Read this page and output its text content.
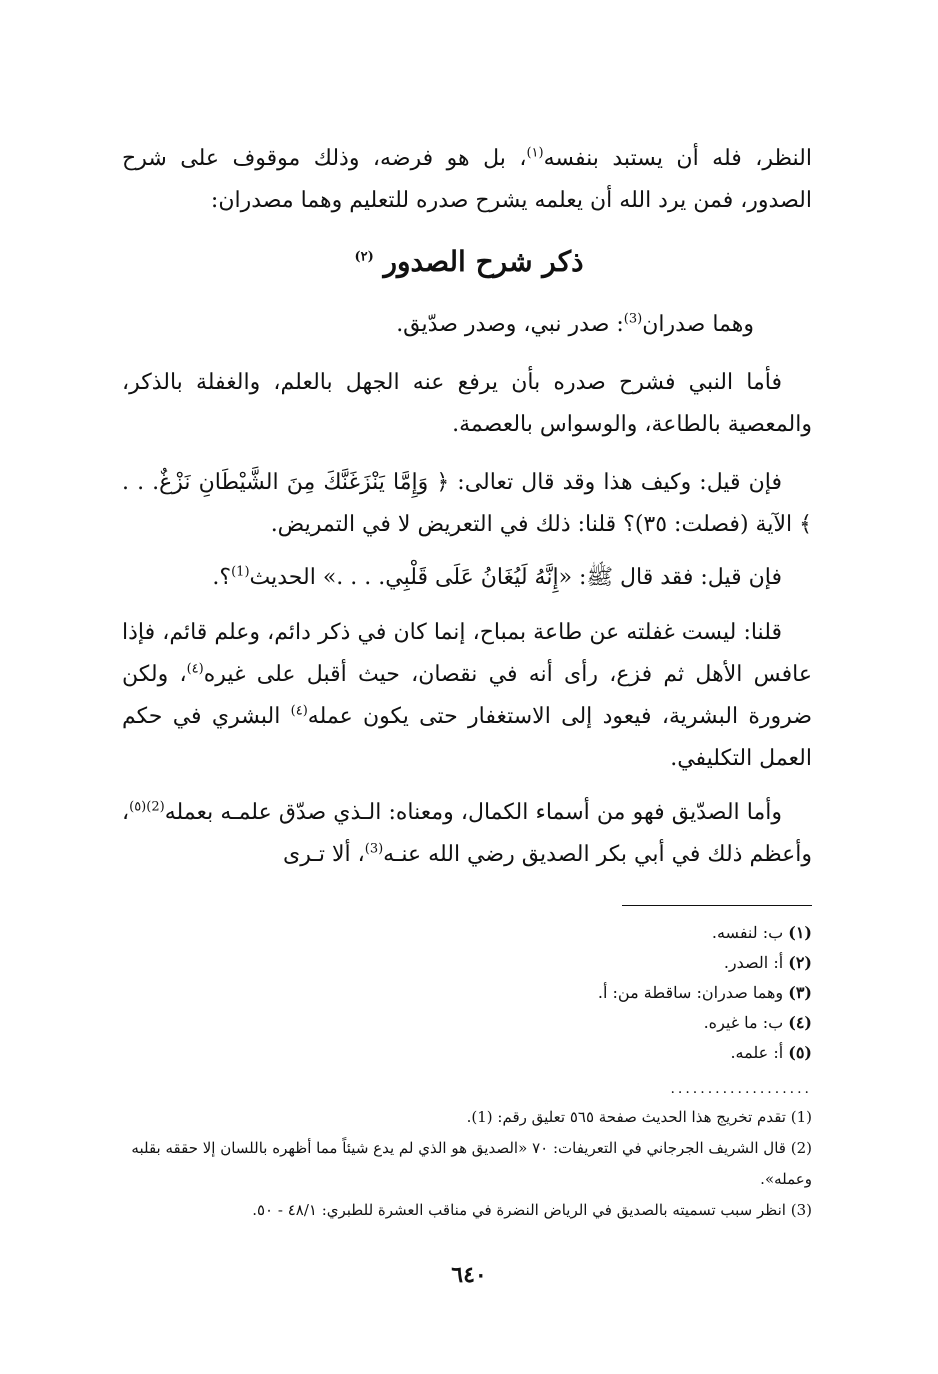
النظر، فله أن يستبد بنفسه$^{(١)}$، بل هو فرضه، وذلك موقوف على شرح الصدور، فمن يرد الله أن يعلمه يشرح صدره للتعليم وهما مصدران:

ذكر شرح الصدور $^{(٢)}$

وهما صدران$^{(3)}$: صدر نبي، وصدر صدّيق.

فأما النبي فشرح صدره بأن يرفع عنه الجهل بالعلم، والغفلة بالذكر، والمعصية بالطاعة، والوسواس بالعصمة.

فإن قيل: وكيف هذا وقد قال تعالى: ﴿ وَإِمَّا يَنْزَغَنَّكَ مِنَ الشَّيْطَانِ نَزْغٌ. . . ﴾ الآية (فصلت: ٣٥)؟ قلنا: ذلك في التعريض لا في التمريض.

فإن قيل: فقد قال ﷺ: «إِنَّهُ لَيُغَانُ عَلَى قَلْبِي. . . .» الحديث$^{(1)}$؟.

قلنا: ليست غفلته عن طاعة بمباح، إنما كان في ذكر دائم، وعلم قائم، فإذا عافس الأهل ثم فزع، رأى أنه في نقصان، حيث أقبل على غيره$^{(٤)}$، ولكن ضرورة البشرية، فيعود إلى الاستغفار حتى يكون عمله$^{(٤)}$ البشري في حكم العمل التكليفي.

وأما الصدّيق فهو من أسماء الكمال، ومعناه: الـذي صدّق علمـه بعمله$^{(2)(٥)}$، وأعظم ذلك في أبي بكر الصديق رضي الله عنـه$^{(3)}$، ألا تـرى

(١) ب: لنفسه.

(٢) أ: الصدر.

(٣) وهما صدران: ساقطة من: أ.

(٤) ب: ما غيره.

(٥) أ: علمه.

...................

(1) تقدم تخريج هذا الحديث صفحة ٥٦٥ تعليق رقم: (1).

(2) قال الشريف الجرجاني في التعريفات: ٧٠ «الصديق هو الذي لم يدع شيئاً مما أظهره باللسان إلا حققه بقلبه وعمله».

(3) انظر سبب تسميته بالصديق في الرياض النضرة في مناقب العشرة للطبري: ٤٨/١ - ٥٠.

٦٤٠
